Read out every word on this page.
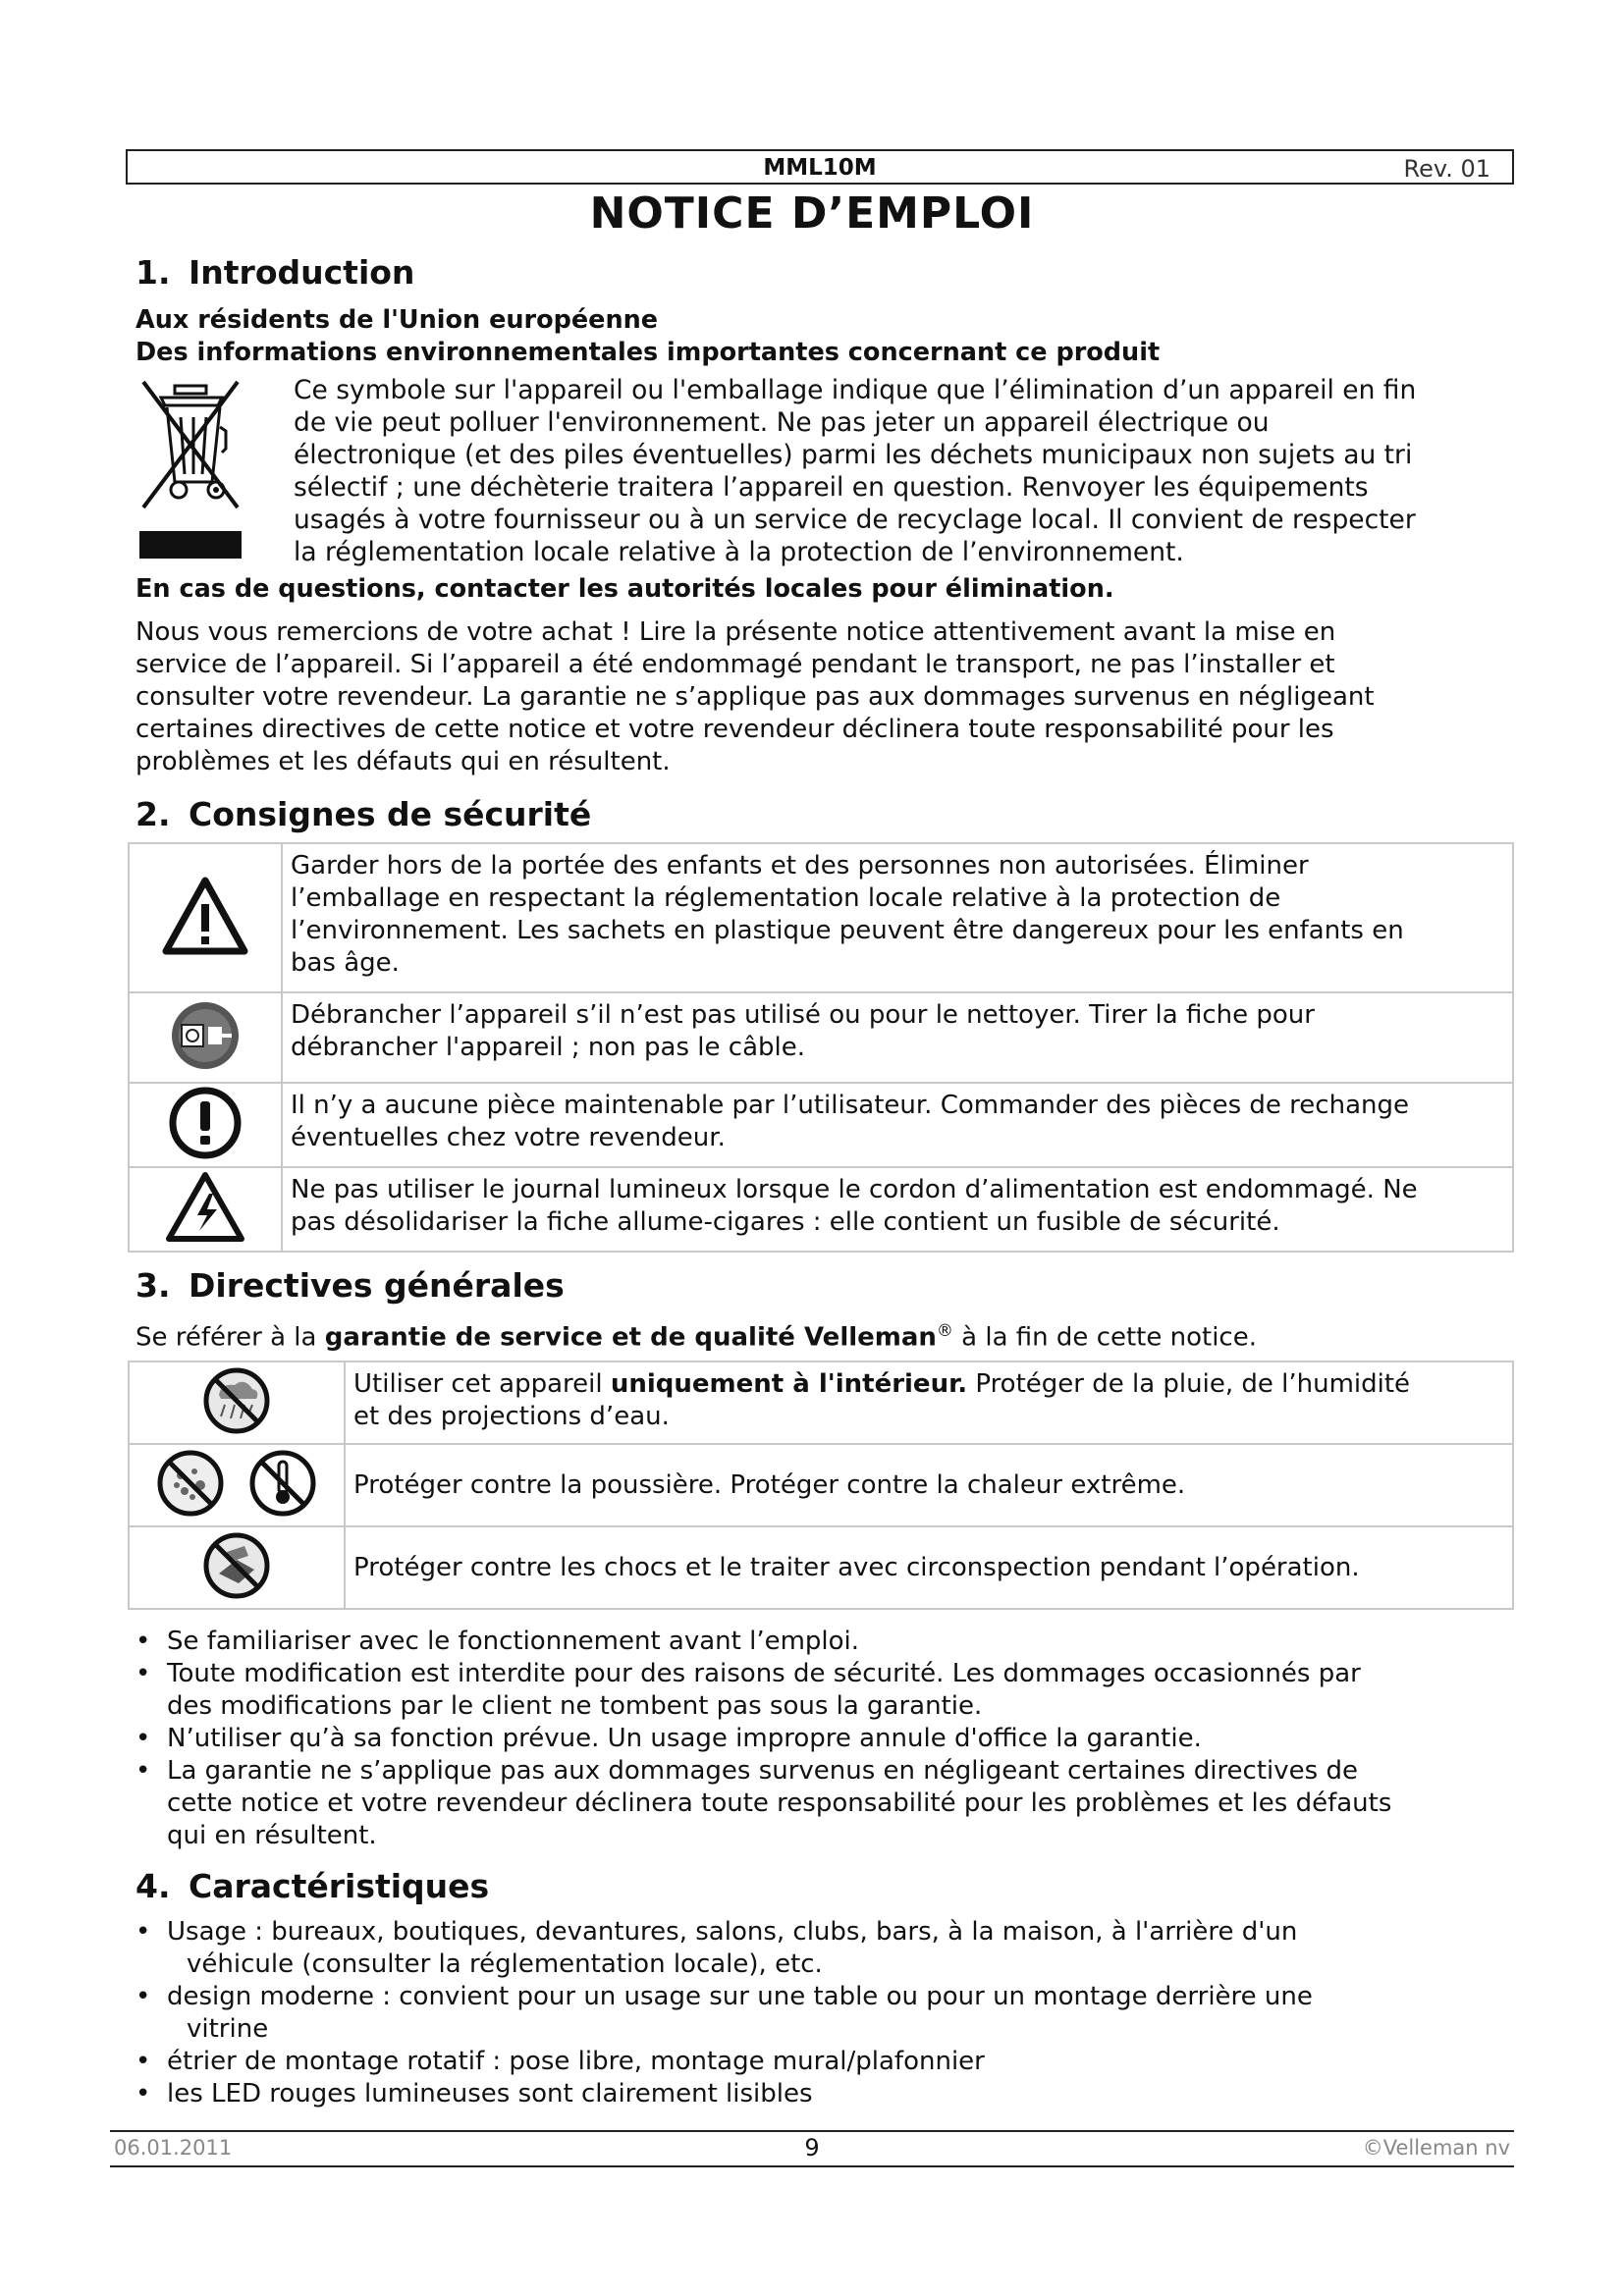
MML10M	Rev. 01
NOTICE D’EMPLOI
1. Introduction
Aux résidents de l'Union européenne
Des informations environnementales importantes concernant ce produit
Ce symbole sur l'appareil ou l'emballage indique que l’élimination d’un appareil en fin
de vie peut polluer l'environnement. Ne pas jeter un appareil électrique ou
électronique (et des piles éventuelles) parmi les déchets municipaux non sujets au tri
sélectif ; une déchèterie traitera l’appareil en question. Renvoyer les équipements
usagés à votre fournisseur ou à un service de recyclage local. Il convient de respecter
la réglementation locale relative à la protection de l’environnement.
En cas de questions, contacter les autorités locales pour élimination.
Nous vous remercions de votre achat ! Lire la présente notice attentivement avant la mise en
service de l’appareil. Si l’appareil a été endommagé pendant le transport, ne pas l’installer et
consulter votre revendeur. La garantie ne s’applique pas aux dommages survenus en négligeant
certaines directives de cette notice et votre revendeur déclinera toute responsabilité pour les
problèmes et les défauts qui en résultent.
2. Consignes de sécurité

Garder hors de la portée des enfants et des personnes non autorisées. Éliminer
l’emballage en respectant la réglementation locale relative à la protection de
l’environnement. Les sachets en plastique peuvent être dangereux pour les enfants en
bas âge.

Débrancher l’appareil s’il n’est pas utilisé ou pour le nettoyer. Tirer la fiche pour
débrancher l'appareil ; non pas le câble.

Il n’y a aucune pièce maintenable par l’utilisateur. Commander des pièces de rechange
éventuelles chez votre revendeur.

Ne pas utiliser le journal lumineux lorsque le cordon d’alimentation est endommagé. Ne
pas désolidariser la fiche allume-cigares : elle contient un fusible de sécurité.
3. Directives générales
Se référer à la garantie de service et de qualité Velleman® à la fin de cette notice.

Utiliser cet appareil uniquement à l'intérieur. Protéger de la pluie, de l’humidité
et des projections d’eau.

	Protéger contre la poussière. Protéger contre la chaleur extrême.
	Protéger contre les chocs et le traiter avec circonspection pendant l’opération.
• Se familiariser avec le fonctionnement avant l’emploi.
• Toute modification est interdite pour des raisons de sécurité. Les dommages occasionnés par
des modifications par le client ne tombent pas sous la garantie.
• N’utiliser qu’à sa fonction prévue. Un usage impropre annule d'office la garantie.
• La garantie ne s’applique pas aux dommages survenus en négligeant certaines directives de
cette notice et votre revendeur déclinera toute responsabilité pour les problèmes et les défauts
qui en résultent.
4. Caractéristiques
• Usage : bureaux, boutiques, devantures, salons, clubs, bars, à la maison, à l'arrière d'un
véhicule (consulter la réglementation locale), etc.
• design moderne : convient pour un usage sur une table ou pour un montage derrière une
vitrine
• étrier de montage rotatif : pose libre, montage mural/plafonnier
• les LED rouges lumineuses sont clairement lisibles
06.01.2011	9	©Velleman nv
